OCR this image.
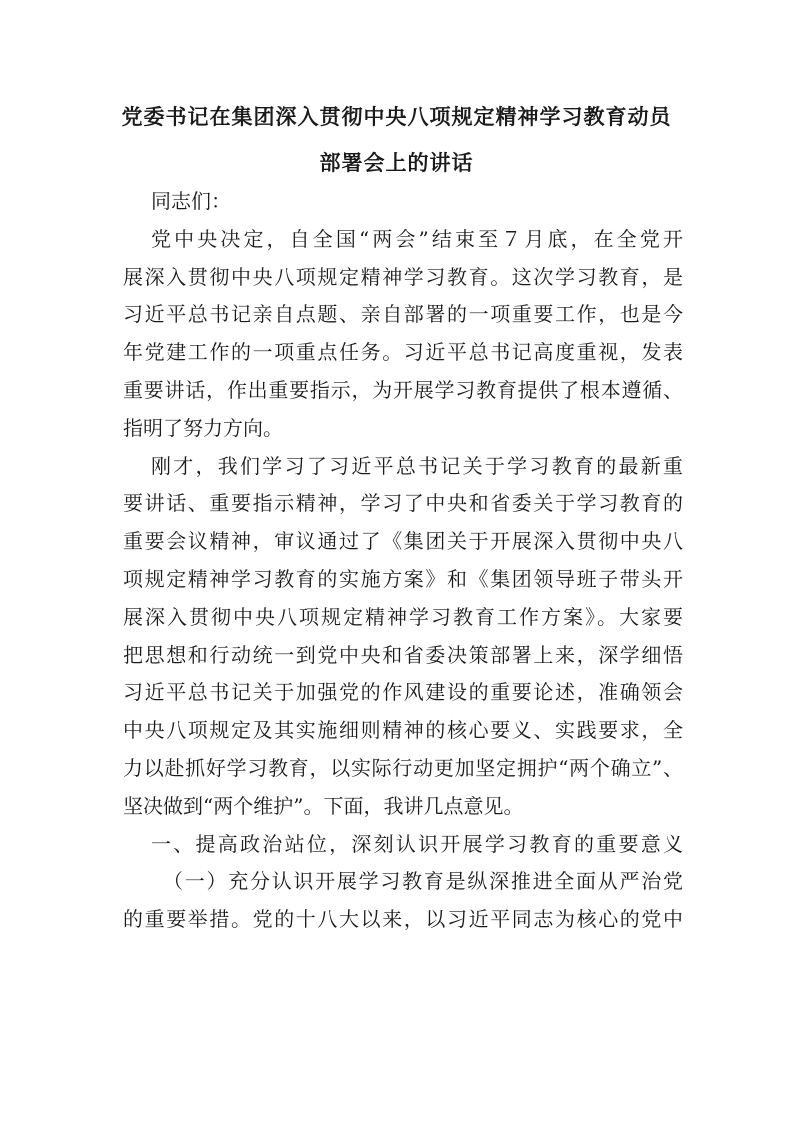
党委书记在集团深入贯彻中央八项规定精神学习教育动员
部署会上的讲话
同志们：
党中央决定，自全国“两会”结束至７月底，在全党开
展深入贯彻中央八项规定精神学习教育。这次学习教育，是
习近平总书记亲自点题、亲自部署的一项重要工作，也是今
年党建工作的一项重点任务。习近平总书记高度重视，发表
重要讲话，作出重要指示，为开展学习教育提供了根本遵循、
指明了努力方向。
刚才，我们学习了习近平总书记关于学习教育的最新重
要讲话、重要指示精神，学习了中央和省委关于学习教育的
重要会议精神，审议通过了《集团关于开展深入贯彻中央八
项规定精神学习教育的实施方案》和《集团领导班子带头开
展深入贯彻中央八项规定精神学习教育工作方案》。大家要
把思想和行动统一到党中央和省委决策部署上来，深学细悟
习近平总书记关于加强党的作风建设的重要论述，准确领会
中央八项规定及其实施细则精神的核心要义、实践要求，全
力以赴抓好学习教育，以实际行动更加坚定拥护“两个确立”、
坚决做到“两个维护”。下面，我讲几点意见。
一、提高政治站位，深刻认识开展学习教育的重要意义
（一）充分认识开展学习教育是纵深推进全面从严治党
的重要举措。党的十八大以来，以习近平同志为核心的党中
